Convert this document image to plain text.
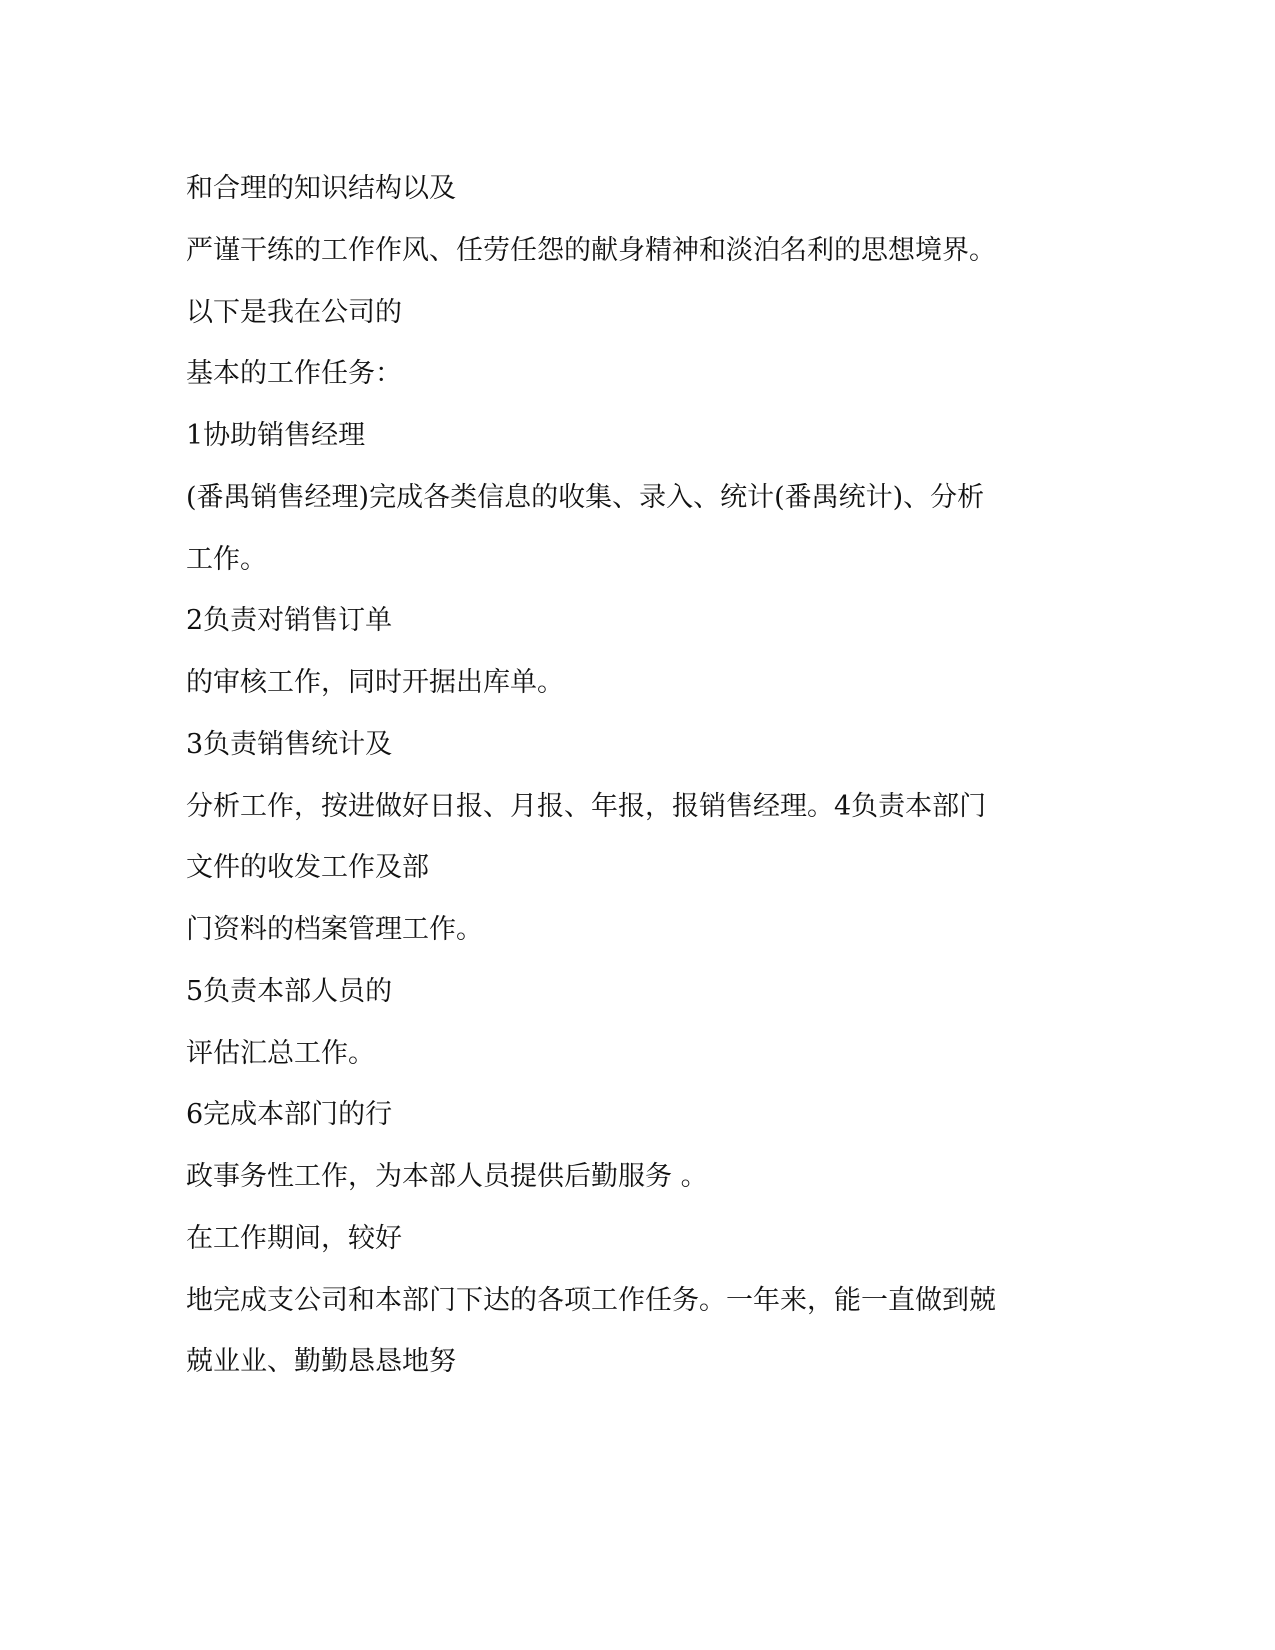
和合理的知识结构以及
严谨干练的工作作风、任劳任怨的献身精神和淡泊名利的思想境界。
以下是我在公司的
基本的工作任务：
1协助销售经理
(番禺销售经理)完成各类信息的收集、录入、统计(番禺统计)、分析
工作。
2负责对销售订单
的审核工作，同时开据出库单。
3负责销售统计及
分析工作，按进做好日报、月报、年报，报销售经理。4负责本部门
文件的收发工作及部
门资料的档案管理工作。
5负责本部人员的
评估汇总工作。
6完成本部门的行
政事务性工作，为本部人员提供后勤服务 。
在工作期间，较好
地完成支公司和本部门下达的各项工作任务。一年来，能一直做到兢
兢业业、勤勤恳恳地努
